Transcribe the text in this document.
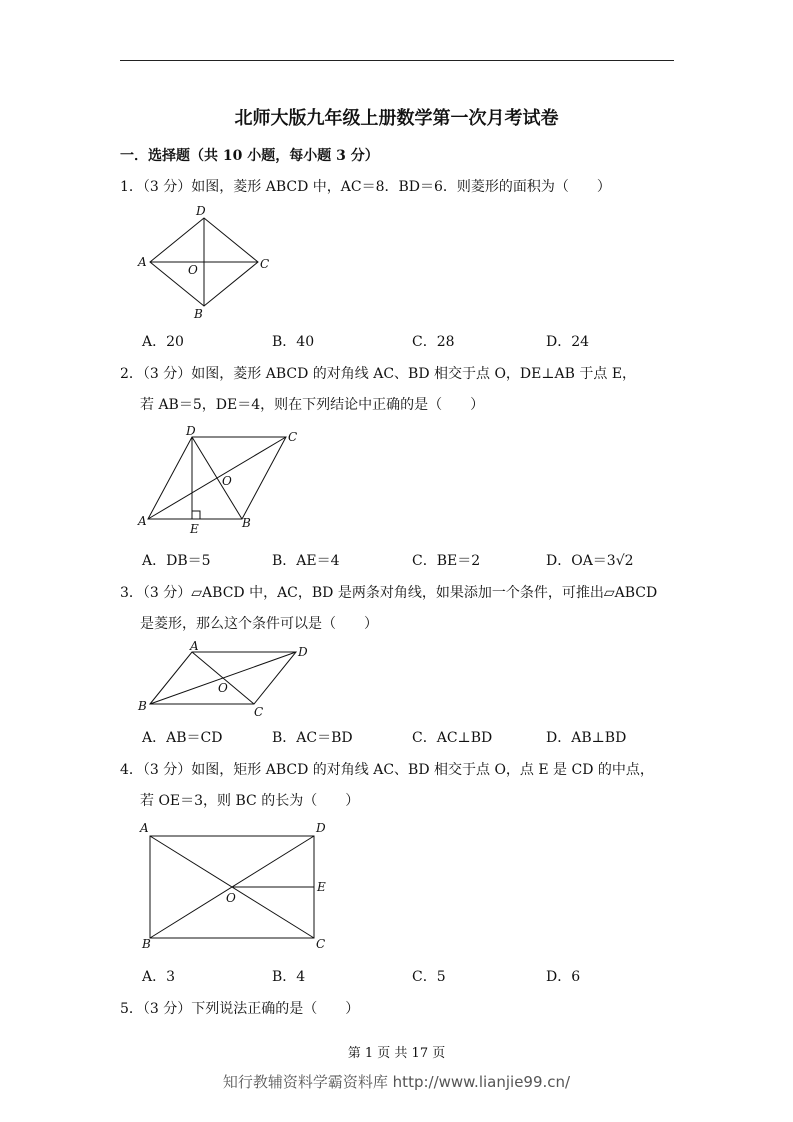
北师大版九年级上册数学第一次月考试卷
一．选择题（共 10 小题，每小题 3 分）
1．（3 分）如图，菱形 ABCD 中，AC＝8．BD＝6．则菱形的面积为（　　）
A
D
C
B
O
A．20	B．40	C．28	D．24
2．（3 分）如图，菱形 ABCD 的对角线 AC、BD 相交于点 O，DE⊥AB 于点 E，
若 AB＝5，DE＝4，则在下列结论中正确的是（　　）
A
D	C
B
O
E
A．DB＝5	B．AE＝4	C．BE＝2	D．OA＝3√2
3．（3 分）▱ABCD 中，AC，BD 是两条对角线，如果添加一个条件，可推出▱ABCD
是菱形，那么这个条件可以是（　　）
B
A	D
C
O
A．AB＝CD	B．AC＝BD	C．AC⊥BD	D．AB⊥BD
4．（3 分）如图，矩形 ABCD 的对角线 AC、BD 相交于点 O，点 E 是 CD 的中点，
若 OE＝3，则 BC 的长为（　　）
A	D
E
B	C
O
A．3	B．4	C．5	D．6
5．（3 分）下列说法正确的是（　　）
第 1 页 共 17 页
知行教辅资料学霸资料库 http://www.lianjie99.cn/
